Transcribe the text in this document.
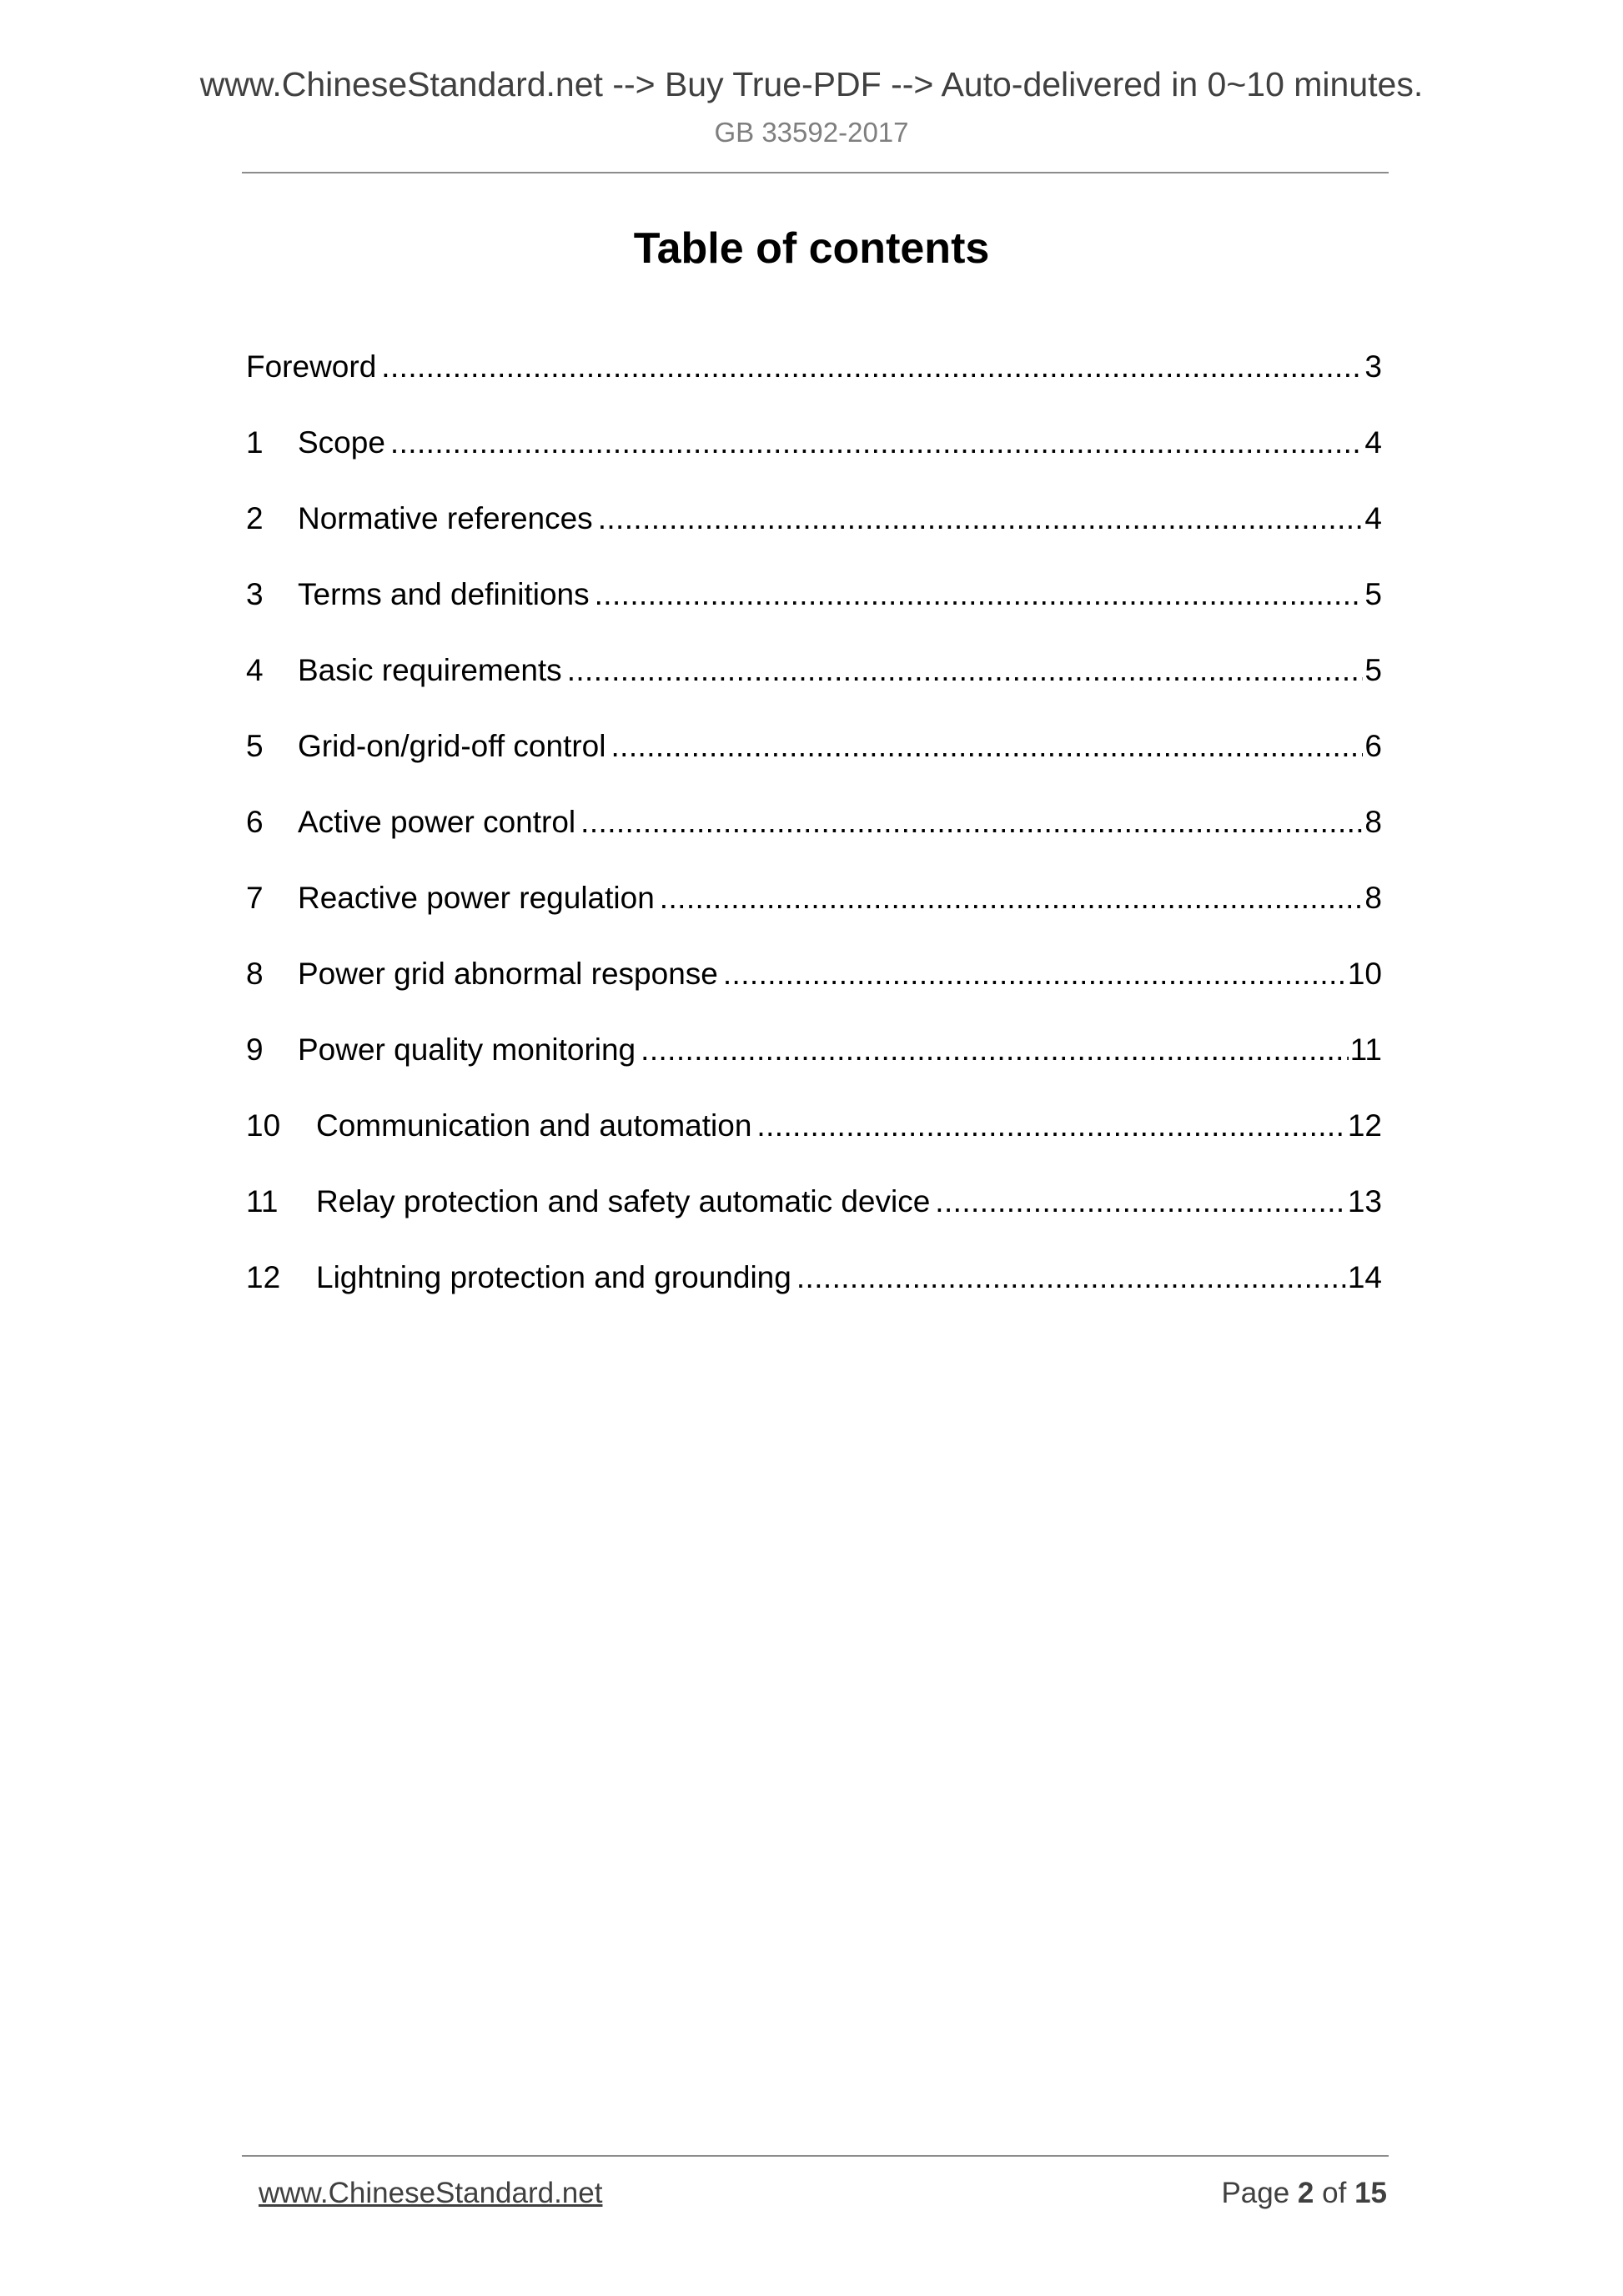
www.ChineseStandard.net --> Buy True-PDF --> Auto-delivered in 0~10 minutes.
GB 33592-2017
Table of contents
Foreword .....	3
1	Scope .....	4
2	Normative references .....	4
3	Terms and definitions .....	5
4	Basic requirements .....	5
5	Grid-on/grid-off control .....	6
6	Active power control .....	8
7	Reactive power regulation .....	8
8	Power grid abnormal response .....	10
9	Power quality monitoring .....	11
10	Communication and automation .....	12
11	Relay protection and safety automatic device .....	13
12	Lightning protection and grounding .....	14
www.ChineseStandard.net	Page 2 of 15
